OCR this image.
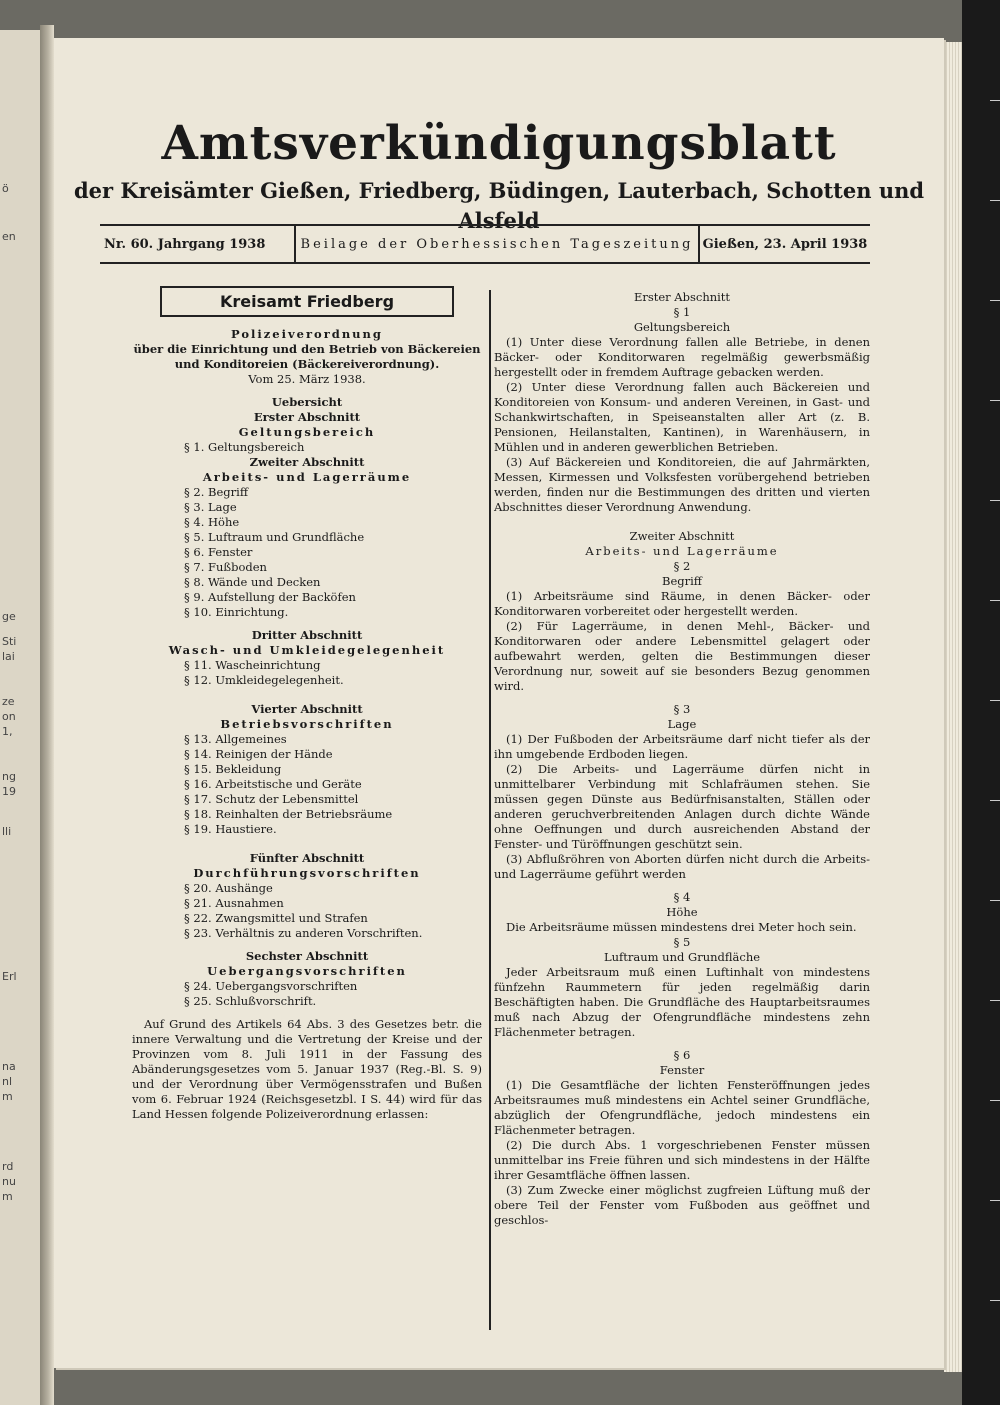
ö
en
ge
Sti
lai
ze
on
1,
ng
19
lli
Erl
na
nl
m
rd
nu
m
Amtsverkündigungsblatt
der Kreisämter Gießen, Friedberg, Büdingen, Lauterbach, Schotten und Alsfeld
Nr. 60. Jahrgang 1938	Beilage der Oberhessischen Tageszeitung Gießen, 23. April 1938
Kreisamt Friedberg
Polizeiverordnung
über die Einrichtung und den Betrieb von Bäckereien und Konditoreien (Bäckereiverordnung).
Vom 25. März 1938.
Uebersicht
Erster Abschnitt
Geltungsbereich
§ 1. Geltungsbereich
Zweiter Abschnitt
Arbeits- und Lagerräume
§ 2. Begriff
§ 3. Lage
§ 4. Höhe
§ 5. Luftraum und Grundfläche
§ 6. Fenster
§ 7. Fußboden
§ 8. Wände und Decken
§ 9. Aufstellung der Backöfen
§ 10. Einrichtung.
Dritter Abschnitt
Wasch- und Umkleidegelegenheit
§ 11. Wascheinrichtung
§ 12. Umkleidegelegenheit.
Vierter Abschnitt
Betriebsvorschriften
§ 13. Allgemeines
§ 14. Reinigen der Hände
§ 15. Bekleidung
§ 16. Arbeitstische und Geräte
§ 17. Schutz der Lebensmittel
§ 18. Reinhalten der Betriebsräume
§ 19. Haustiere.
Fünfter Abschnitt
Durchführungsvorschriften
§ 20. Aushänge
§ 21. Ausnahmen
§ 22. Zwangsmittel und Strafen
§ 23. Verhältnis zu anderen Vorschriften.
Sechster Abschnitt
Uebergangsvorschriften
§ 24. Uebergangsvorschriften
§ 25. Schlußvorschrift.

Auf Grund des Artikels 64 Abs. 3 des Gesetzes betr. die innere Verwaltung und die Vertretung der Kreise und der Provinzen vom 8. Juli 1911 in der Fassung des Abänderungsgesetzes vom 5. Januar 1937 (Reg.-Bl. S. 9) und der Verordnung über Vermögensstrafen und Bußen vom 6. Februar 1924 (Reichsgesetzbl. I S. 44) wird für das Land Hessen folgende Polizeiverordnung erlassen:

Erster Abschnitt
§ 1
Geltungsbereich

(1) Unter diese Verordnung fallen alle Betriebe, in denen Bäcker- oder Konditorwaren regelmäßig gewerbsmäßig hergestellt oder in fremdem Auftrage gebacken werden.

(2) Unter diese Verordnung fallen auch Bäckereien und Konditoreien von Konsum- und anderen Vereinen, in Gast- und Schankwirtschaften, in Speiseanstalten aller Art (z. B. Pensionen, Heilanstalten, Kantinen), in Warenhäusern, in Mühlen und in anderen gewerblichen Betrieben.

(3) Auf Bäckereien und Konditoreien, die auf Jahrmärkten, Messen, Kirmessen und Volksfesten vorübergehend betrieben werden, finden nur die Bestimmungen des dritten und vierten Abschnittes dieser Verordnung Anwendung.

Zweiter Abschnitt
Arbeits- und Lagerräume
§ 2
Begriff

(1) Arbeitsräume sind Räume, in denen Bäcker- oder Konditorwaren vorbereitet oder hergestellt werden.

(2) Für Lagerräume, in denen Mehl-, Bäcker- und Konditorwaren oder andere Lebensmittel gelagert oder aufbewahrt werden, gelten die Bestimmungen dieser Verordnung nur, soweit auf sie besonders Bezug genommen wird.

§ 3
Lage

(1) Der Fußboden der Arbeitsräume darf nicht tiefer als der ihn umgebende Erdboden liegen.

(2) Die Arbeits- und Lagerräume dürfen nicht in unmittelbarer Verbindung mit Schlafräumen stehen. Sie müssen gegen Dünste aus Bedürfnisanstalten, Ställen oder anderen geruchverbreitenden Anlagen durch dichte Wände ohne Oeffnungen und durch ausreichenden Abstand der Fenster- und Türöffnungen geschützt sein.

(3) Abflußröhren von Aborten dürfen nicht durch die Arbeits- und Lagerräume geführt werden

§ 4
Höhe

Die Arbeitsräume müssen mindestens drei Meter hoch sein.

§ 5
Luftraum und Grundfläche

Jeder Arbeitsraum muß einen Luftinhalt von mindestens fünfzehn Raummetern für jeden regelmäßig darin Beschäftigten haben. Die Grundfläche des Hauptarbeitsraumes muß nach Abzug der Ofengrundfläche mindestens zehn Flächenmeter betragen.

§ 6
Fenster

(1) Die Gesamtfläche der lichten Fensteröffnungen jedes Arbeitsraumes muß mindestens ein Achtel seiner Grundfläche, abzüglich der Ofengrundfläche, jedoch mindestens ein Flächenmeter betragen.

(2) Die durch Abs. 1 vorgeschriebenen Fenster müssen unmittelbar ins Freie führen und sich mindestens in der Hälfte ihrer Gesamtfläche öffnen lassen.

(3) Zum Zwecke einer möglichst zugfreien Lüftung muß der obere Teil der Fenster vom Fußboden aus geöffnet und geschlos-
